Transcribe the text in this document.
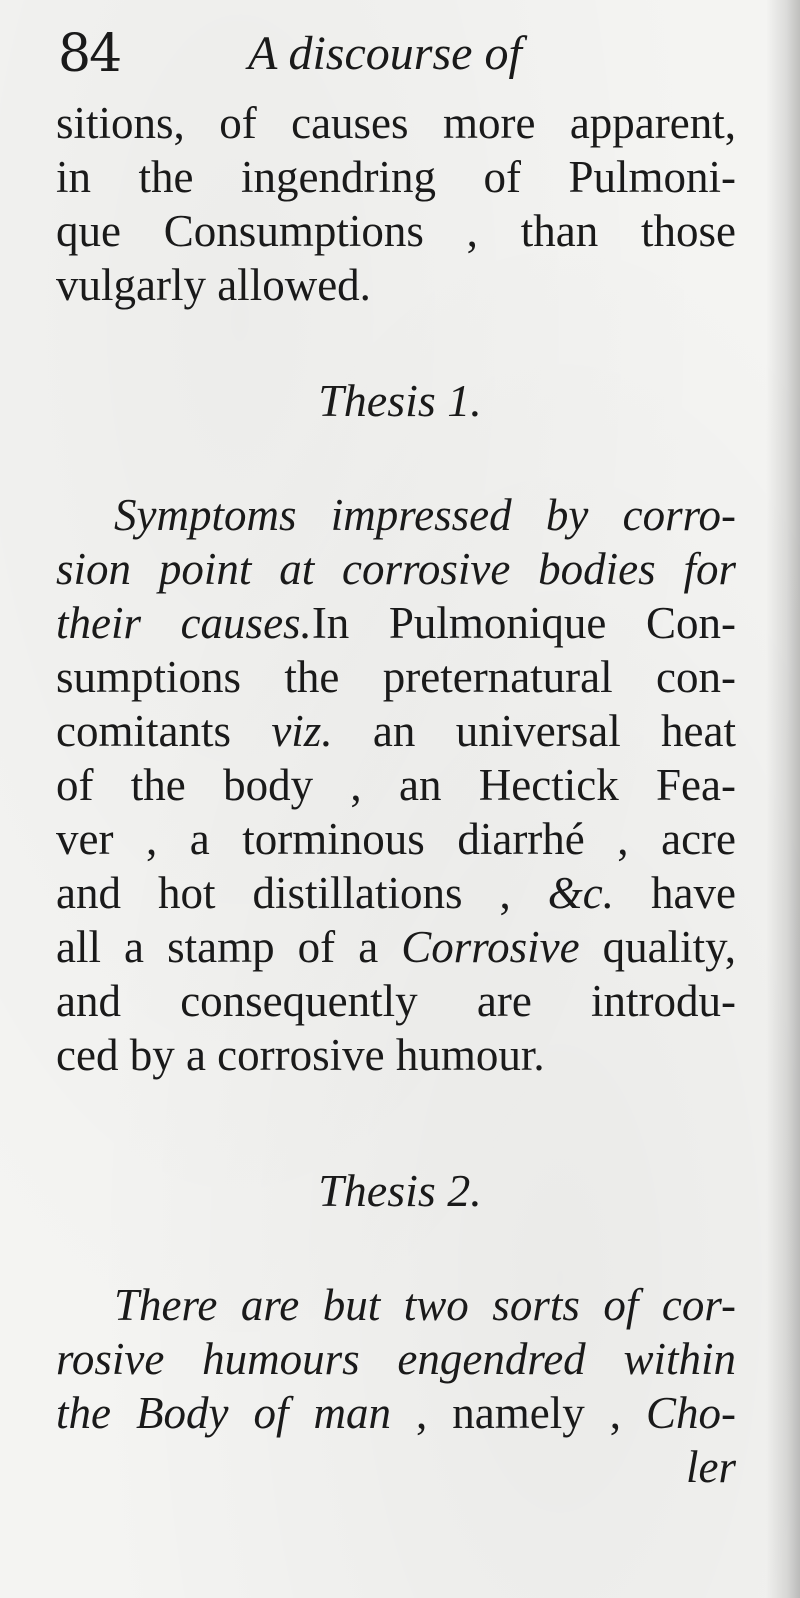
84	A discourse of
sitions, of causes more apparent,
in the ingendring of Pulmoni-
que Consumptions , than those
vulgarly allowed.
Thesis 1.
Symptoms impressed by corro-
sion point at corrosive bodies for
their causes.In Pulmonique Con-
sumptions the preternatural con-
comitants viz. an universal heat
of the body , an Hectick Fea-
ver , a torminous diarrhé , acre
and hot distillations , &c. have
all a stamp of a Corrosive quality,
and consequently are introdu-
ced by a corrosive humour.
Thesis 2.
There are but two sorts of cor-
rosive humours engendred within
the Body of man , namely , Cho-
ler
